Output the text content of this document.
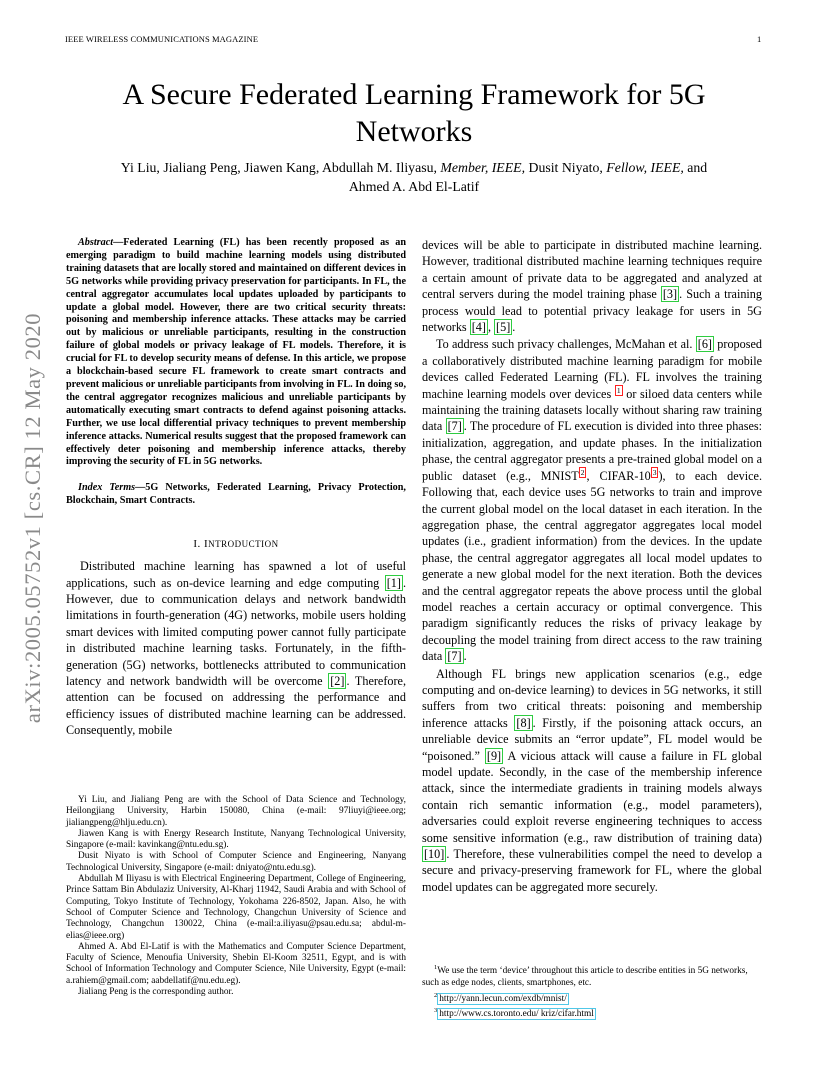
IEEE WIRELESS COMMUNICATIONS MAGAZINE	1
A Secure Federated Learning Framework for 5G
Networks
Yi Liu, Jialiang Peng, Jiawen Kang, Abdullah M. Iliyasu, Member, IEEE, Dusit Niyato, Fellow, IEEE, and
Ahmed A. Abd El-Latif
arXiv:2005.05752v1 [cs.CR] 12 May 2020

Abstract—Federated Learning (FL) has been recently proposed as an emerging paradigm to build machine learning models using distributed training datasets that are locally stored and maintained on different devices in 5G networks while providing privacy preservation for participants. In FL, the central aggregator accumulates local updates uploaded by participants to update a global model. However, there are two critical security threats: poisoning and membership inference attacks. These attacks may be carried out by malicious or unreliable participants, resulting in the construction failure of global models or privacy leakage of FL models. Therefore, it is crucial for FL to develop security means of defense. In this article, we propose a blockchain-based secure FL framework to create smart contracts and prevent malicious or unreliable participants from involving in FL. In doing so, the central aggregator recognizes malicious and unreliable participants by automatically executing smart contracts to defend against poisoning attacks. Further, we use local differential privacy techniques to prevent membership inference attacks. Numerical results suggest that the proposed framework can effectively deter poisoning and membership inference attacks, thereby improving the security of FL in 5G networks.

Index Terms—5G Networks, Federated Learning, Privacy Protection, Blockchain, Smart Contracts.

I. INTRODUCTION

Distributed machine learning has spawned a lot of useful applications, such as on-device learning and edge computing [1] . However, due to communication delays and network bandwidth limitations in fourth-generation (4G) networks, mobile users holding smart devices with limited computing power cannot fully participate in distributed machine learning tasks. Fortunately, in the fifth-generation (5G) networks, bottlenecks attributed to communication latency and network bandwidth will be overcome [2] . Therefore, attention can be focused on addressing the performance and efficiency issues of distributed machine learning can be addressed. Consequently, mobile

Yi Liu, and Jialiang Peng are with the School of Data Science and Technology, Heilongjiang University, Harbin 150080, China (e-mail: 97liuyi@ieee.org; jialiangpeng@hlju.edu.cn).

Jiawen Kang is with Energy Research Institute, Nanyang Technological University, Singapore (e-mail: kavinkang@ntu.edu.sg).

Dusit Niyato is with School of Computer Science and Engineering, Nanyang Technological University, Singapore (e-mail: dniyato@ntu.edu.sg).

Abdullah M Iliyasu is with Electrical Engineering Department, College of Engineering, Prince Sattam Bin Abdulaziz University, Al-Kharj 11942, Saudi Arabia and with School of Computing, Tokyo Institute of Technology, Yokohama 226-8502, Japan. Also, he with School of Computer Science and Technology, Changchun University of Science and Technology, Changchun 130022, China (e-mail:a.iliyasu@psau.edu.sa; abdul-m-elias@ieee.org)

Ahmed A. Abd El-Latif is with the Mathematics and Computer Science Department, Faculty of Science, Menoufia University, Shebin El-Koom 32511, Egypt, and is with School of Information Technology and Computer Science, Nile University, Egypt (e-mail: a.rahiem@gmail.com; aabdellatif@nu.edu.eg).

Jialiang Peng is the corresponding author.

devices will be able to participate in distributed machine learning. However, traditional distributed machine learning techniques require a certain amount of private data to be aggregated and analyzed at central servers during the model training phase [3] . Such a training process would lead to potential privacy leakage for users in 5G networks [4] , [5] .

To address such privacy challenges, McMahan et al. [6] proposed a collaboratively distributed machine learning paradigm for mobile devices called Federated Learning (FL). FL involves the training machine learning models over devices $^1$ or siloed data centers while maintaining the training datasets locally without sharing raw training data [7] . The procedure of FL execution is divided into three phases: initialization, aggregation, and update phases. In the initialization phase, the central aggregator presents a pre-trained global model on a public dataset (e.g., MNIST $^2$ , CIFAR-10 $^3$ ), to each device. Following that, each device uses 5G networks to train and improve the current global model on the local dataset in each iteration. In the aggregation phase, the central aggregator aggregates local model updates (i.e., gradient information) from the devices. In the update phase, the central aggregator aggregates all local model updates to generate a new global model for the next iteration. Both the devices and the central aggregator repeats the above process until the global model reaches a certain accuracy or optimal convergence. This paradigm significantly reduces the risks of privacy leakage by decoupling the model training from direct access to the raw training data [7] .

Although FL brings new application scenarios (e.g., edge computing and on-device learning) to devices in 5G networks, it still suffers from two critical threats: poisoning and membership inference attacks [8] . Firstly, if the poisoning attack occurs, an unreliable device submits an “error update”, FL model would be “poisoned.” [9] A vicious attack will cause a failure in FL global model update. Secondly, in the case of the membership inference attack, since the intermediate gradients in training models always contain rich semantic information (e.g., model parameters), adversaries could exploit reverse engineering techniques to access some sensitive information (e.g., raw distribution of training data) [10] . Therefore, these vulnerabilities compel the need to develop a secure and privacy-preserving framework for FL, where the global model updates can be aggregated more securely.

$^1$We use the term ‘device’ throughout this article to describe entities in 5G networks, such as edge nodes, clients, smartphones, etc.

$^2$ http://yann.lecun.com/exdb/mnist/

$^3$ http://www.cs.toronto.edu/ kriz/cifar.html
